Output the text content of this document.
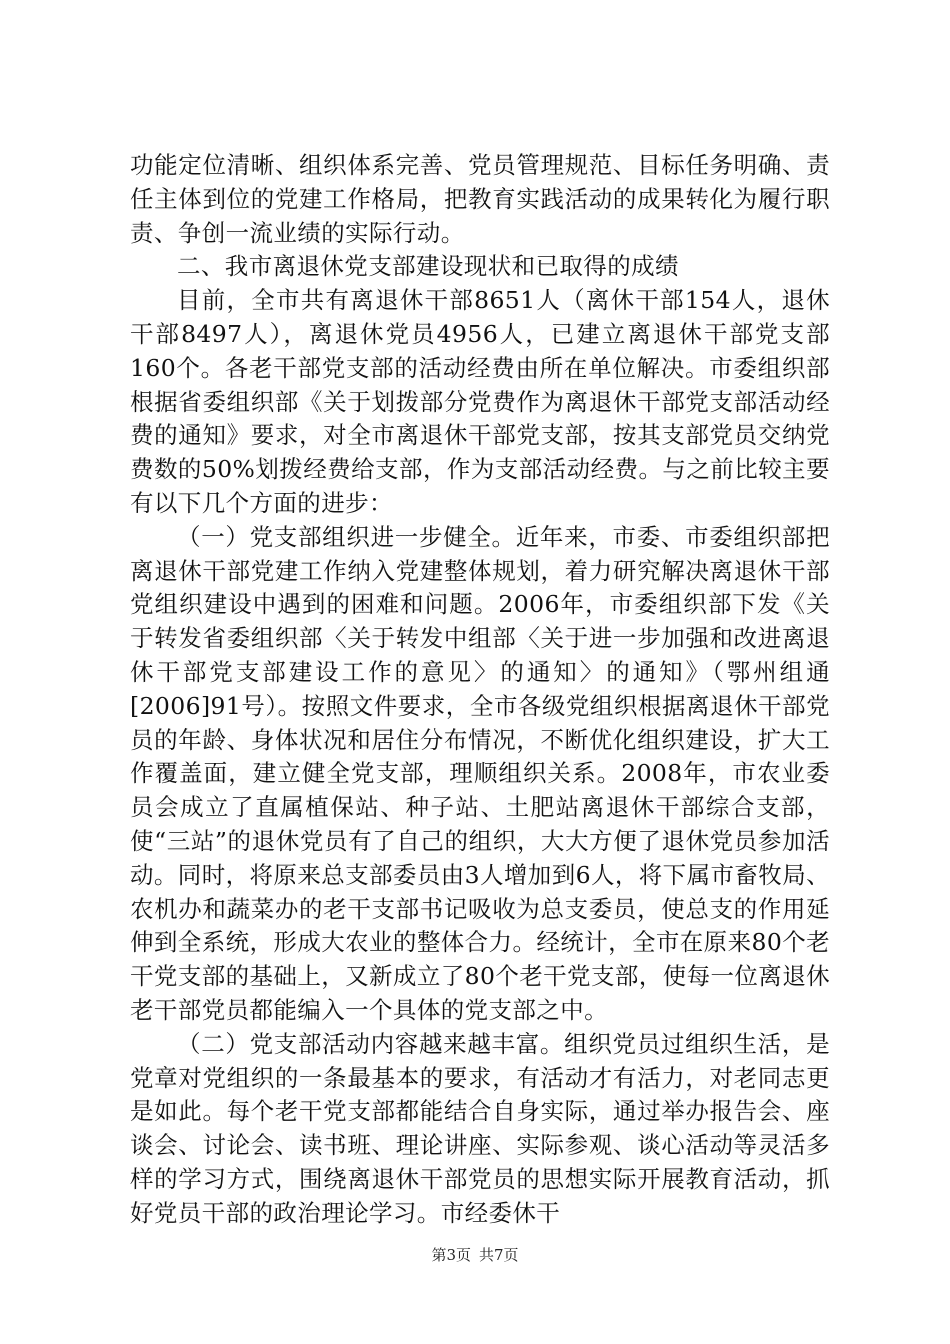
功能定位清晰、组织体系完善、党员管理规范、目标任务明确、责任主体到位的党建工作格局，把教育实践活动的成果转化为履行职责、争创一流业绩的实际行动。

二、我市离退休党支部建设现状和已取得的成绩

目前，全市共有离退休干部8651人（离休干部154人，退休干部8497人），离退休党员4956人，已建立离退休干部党支部160个。各老干部党支部的活动经费由所在单位解决。市委组织部根据省委组织部《关于划拨部分党费作为离退休干部党支部活动经费的通知》要求，对全市离退休干部党支部，按其支部党员交纳党费数的50%划拨经费给支部，作为支部活动经费。与之前比较主要有以下几个方面的进步：

（一）党支部组织进一步健全。近年来，市委、市委组织部把离退休干部党建工作纳入党建整体规划，着力研究解决离退休干部党组织建设中遇到的困难和问题。2006年，市委组织部下发《关于转发省委组织部〈关于转发中组部〈关于进一步加强和改进离退休干部党支部建设工作的意见〉的通知〉的通知》（鄂州组通[2006]91号）。按照文件要求，全市各级党组织根据离退休干部党员的年龄、身体状况和居住分布情况，不断优化组织建设，扩大工作覆盖面，建立健全党支部，理顺组织关系。2008年，市农业委员会成立了直属植保站、种子站、土肥站离退休干部综合支部，使“三站”的退休党员有了自己的组织，大大方便了退休党员参加活动。同时，将原来总支部委员由3人增加到6人，将下属市畜牧局、农机办和蔬菜办的老干支部书记吸收为总支委员，使总支的作用延伸到全系统，形成大农业的整体合力。经统计，全市在原来80个老干党支部的基础上，又新成立了80个老干党支部，使每一位离退休老干部党员都能编入一个具体的党支部之中。

（二）党支部活动内容越来越丰富。组织党员过组织生活，是党章对党组织的一条最基本的要求，有活动才有活力，对老同志更是如此。每个老干党支部都能结合自身实际，通过举办报告会、座谈会、讨论会、读书班、理论讲座、实际参观、谈心活动等灵活多样的学习方式，围绕离退休干部党员的思想实际开展教育活动，抓好党员干部的政治理论学习。市经委休干

第3页 共7页
